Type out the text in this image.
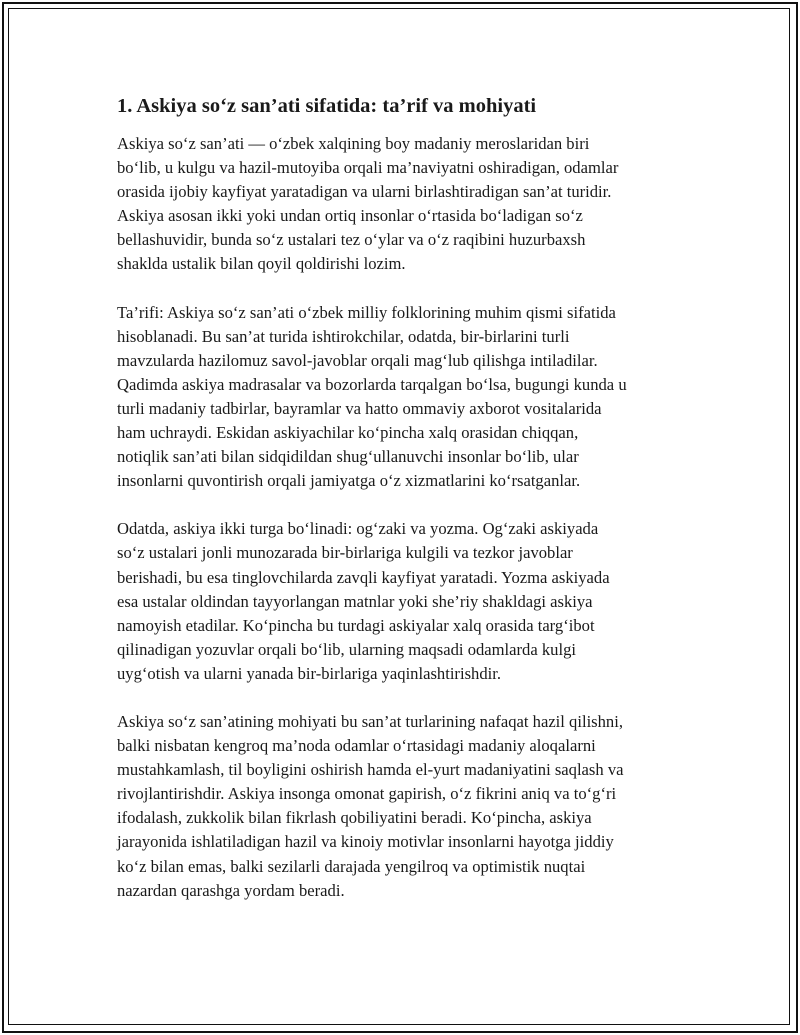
1. Askiya so‘z san’ati sifatida: ta’rif va mohiyati

Askiya so‘z san’ati — o‘zbek xalqining boy madaniy meroslaridan biri
bo‘lib, u kulgu va hazil-mutoyiba orqali ma’naviyatni oshiradigan, odamlar
orasida ijobiy kayfiyat yaratadigan va ularni birlashtiradigan san’at turidir.
Askiya asosan ikki yoki undan ortiq insonlar o‘rtasida bo‘ladigan so‘z
bellashuvidir, bunda so‘z ustalari tez o‘ylar va o‘z raqibini huzurbaxsh
shaklda ustalik bilan qoyil qoldirishi lozim.

Ta’rifi: Askiya so‘z san’ati o‘zbek milliy folklorining muhim qismi sifatida
hisoblanadi. Bu san’at turida ishtirokchilar, odatda, bir-birlarini turli
mavzularda hazilomuz savol-javoblar orqali mag‘lub qilishga intiladilar.
Qadimda askiya madrasalar va bozorlarda tarqalgan bo‘lsa, bugungi kunda u
turli madaniy tadbirlar, bayramlar va hatto ommaviy axborot vositalarida
ham uchraydi. Eskidan askiyachilar ko‘pincha xalq orasidan chiqqan,
notiqlik san’ati bilan sidqidildan shug‘ullanuvchi insonlar bo‘lib, ular
insonlarni quvontirish orqali jamiyatga o‘z xizmatlarini ko‘rsatganlar.

Odatda, askiya ikki turga bo‘linadi: og‘zaki va yozma. Og‘zaki askiyada
so‘z ustalari jonli munozarada bir-birlariga kulgili va tezkor javoblar
berishadi, bu esa tinglovchilarda zavqli kayfiyat yaratadi. Yozma askiyada
esa ustalar oldindan tayyorlangan matnlar yoki she’riy shakldagi askiya
namoyish etadilar. Ko‘pincha bu turdagi askiyalar xalq orasida targ‘ibot
qilinadigan yozuvlar orqali bo‘lib, ularning maqsadi odamlarda kulgi
uyg‘otish va ularni yanada bir-birlariga yaqinlashtirishdir.

Askiya so‘z san’atining mohiyati bu san’at turlarining nafaqat hazil qilishni,
balki nisbatan kengroq ma’noda odamlar o‘rtasidagi madaniy aloqalarni
mustahkamlash, til boyligini oshirish hamda el-yurt madaniyatini saqlash va
rivojlantirishdir. Askiya insonga omonat gapirish, o‘z fikrini aniq va to‘g‘ri
ifodalash, zukkolik bilan fikrlash qobiliyatini beradi. Ko‘pincha, askiya
jarayonida ishlatiladigan hazil va kinoiy motivlar insonlarni hayotga jiddiy
ko‘z bilan emas, balki sezilarli darajada yengilroq va optimistik nuqtai
nazardan qarashga yordam beradi.
